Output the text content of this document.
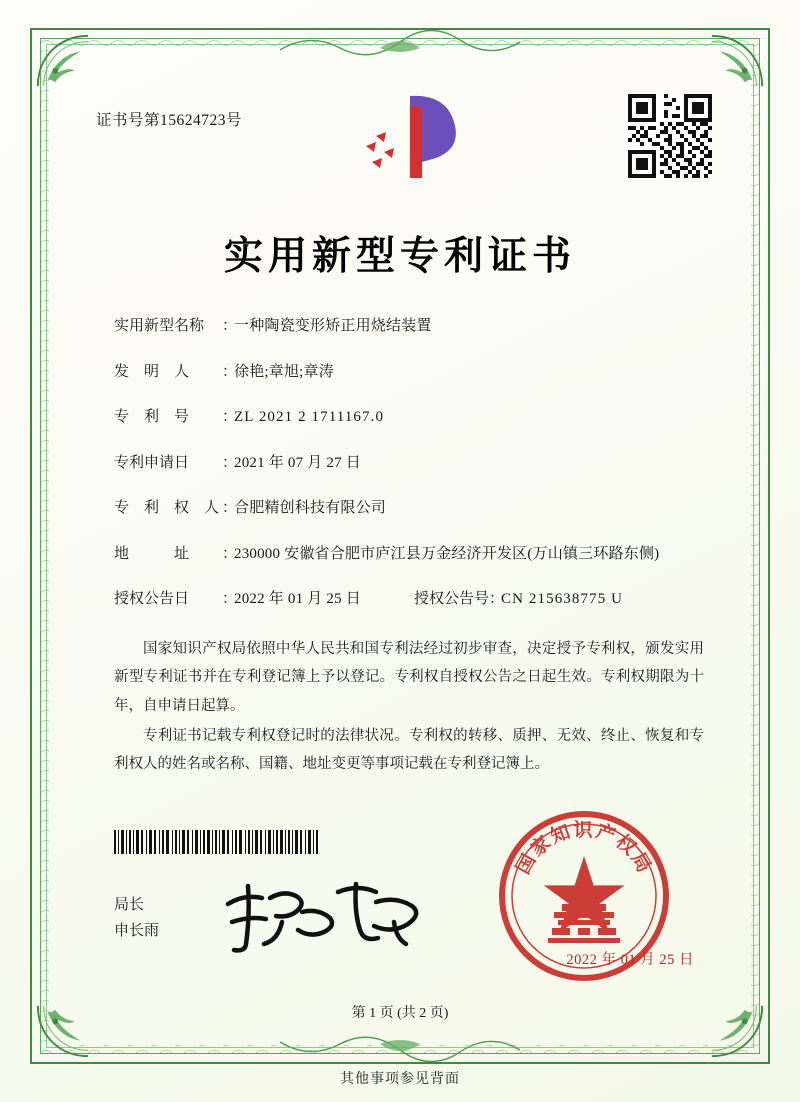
证书号第15624723号
实用新型专利证书
实用新型名称	：
一种陶瓷变形矫正用烧结装置
发　明　人	：
徐艳;章旭;章涛
专　利　号	：
ZL 2021 2 1711167.0
专利申请日	：
2021 年 07 月 27 日
专　利　权　人 ：
合肥精创科技有限公司
地　　　址	：
230000 安徽省合肥市庐江县万金经济开发区(万山镇三环路东侧)
授权公告日	：
2022 年 01 月 25 日	授权公告号 ：
CN 215638775 U

国家知识产权局依照中华人民共和国专利法经过初步审查，决定授予专利权，颁发实用新型专利证书并在专利登记簿上予以登记。专利权自授权公告之日起生效。专利权期限为十年，自申请日起算。

专利证书记载专利权登记时的法律状况。专利权的转移、质押、无效、终止、恢复和专利权人的姓名或名称、国籍、地址变更等事项记载在专利登记簿上。

局长
申长雨
国家知识产权局
2022 年 01 月 25 日
第 1 页 (共 2 页)
其他事项参见背面
